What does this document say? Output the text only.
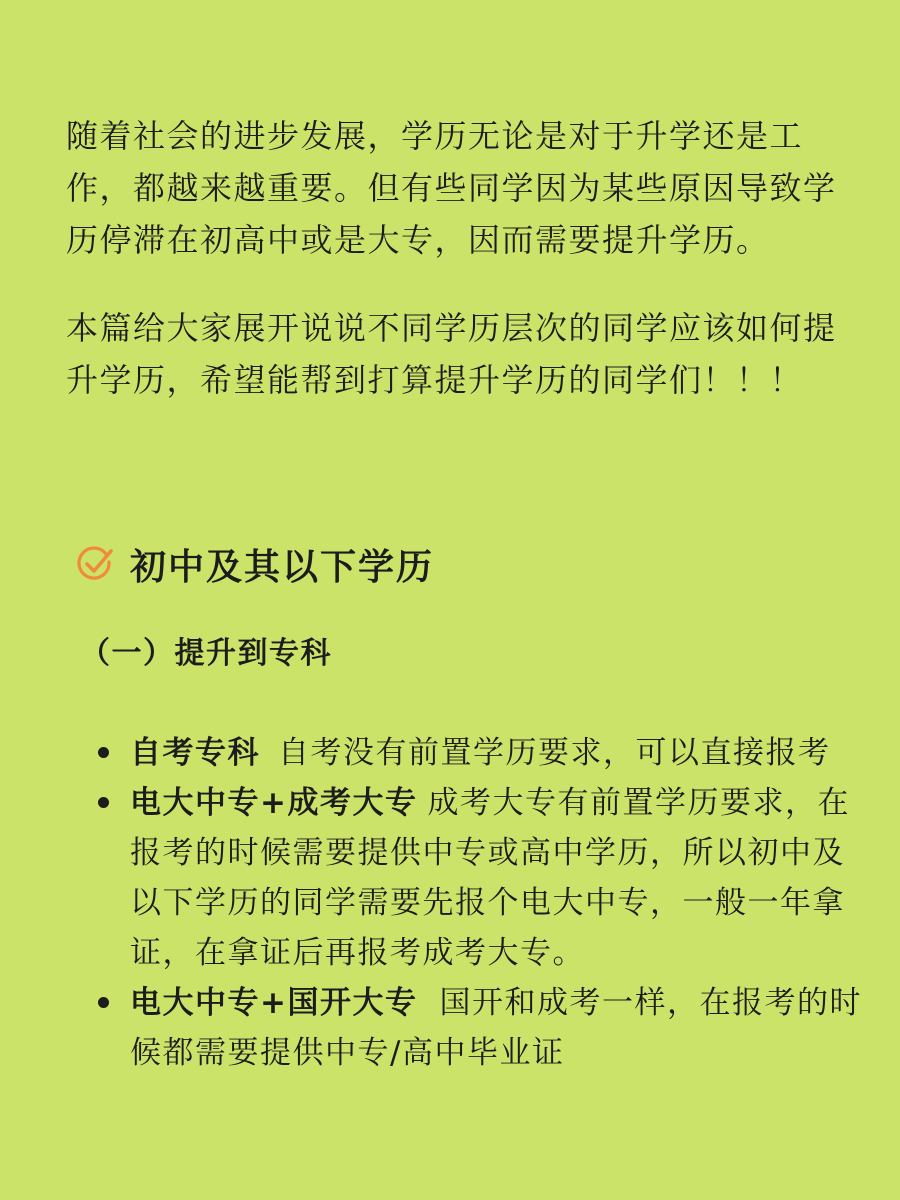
随着社会的进步发展，学历无论是对于升学还是工作，都越来越重要。但有些同学因为某些原因导致学历停滞在初高中或是大专，因而需要提升学历。

本篇给大家展开说说不同学历层次的同学应该如何提升学历，希望能帮到打算提升学历的同学们！！！

初中及其以下学历
（一）提升到专科
自考专科 自考没有前置学历要求，可以直接报考
电大中专+成考大专 成考大专有前置学历要求，在报考的时候需要提供中专或高中学历，所以初中及以下学历的同学需要先报个电大中专，一般一年拿证，在拿证后再报考成考大专。
电大中专+国开大专 国开和成考一样，在报考的时候都需要提供中专/高中毕业证
